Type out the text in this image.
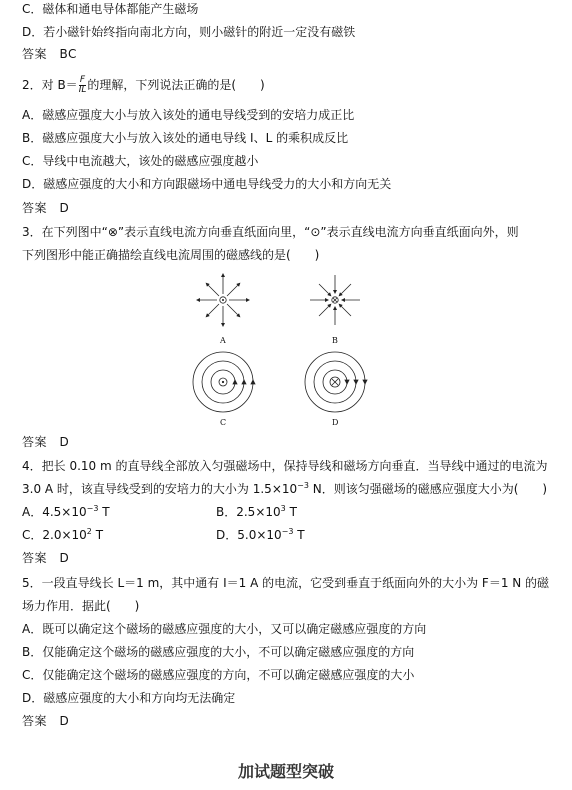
C．磁体和通电导体都能产生磁场
D．若小磁针始终指向南北方向，则小磁针的附近一定没有磁铁
答案　BC
2．对 $B= \frac{F}{IL}$ 的理解，下列说法正确的是(　　)
A．磁感应强度大小与放入该处的通电导线受到的安培力成正比
B．磁感应强度大小与放入该处的通电导线 I、L 的乘积成反比
C．导线中电流越大，该处的磁感应强度越小
D．磁感应强度的大小和方向跟磁场中通电导线受力的大小和方向无关
答案　D
3．在下列图中“⊗”表示直线电流方向垂直纸面向里，“⊙”表示直线电流方向垂直纸面向外，则
下列图形中能正确描绘直线电流周围的磁感线的是(　　)
A	B
C	D
答案　D
4．把长 0.10 m 的直导线全部放入匀强磁场中，保持导线和磁场方向垂直．当导线中通过的电流为
3.0 A 时，该直导线受到的安培力的大小为 $1.5\times 10^{-3}$ N．则该匀强磁场的磁感应强度大小为(　　)
A．$4.5\times 10^{-3}$ T	B．$2.5\times 10^3$ T
C．$2.0\times 10^2$ T	D．$5.0\times 10^{-3}$ T
答案　D
5．一段直导线长 L＝1 m，其中通有 I＝1 A 的电流，它受到垂直于纸面向外的大小为 F＝1 N 的磁
场力作用．据此(　　)
A．既可以确定这个磁场的磁感应强度的大小，又可以确定磁感应强度的方向
B．仅能确定这个磁场的磁感应强度的大小，不可以确定磁感应强度的方向
C．仅能确定这个磁场的磁感应强度的方向，不可以确定磁感应强度的大小
D．磁感应强度的大小和方向均无法确定
答案　D
加试题型突破
